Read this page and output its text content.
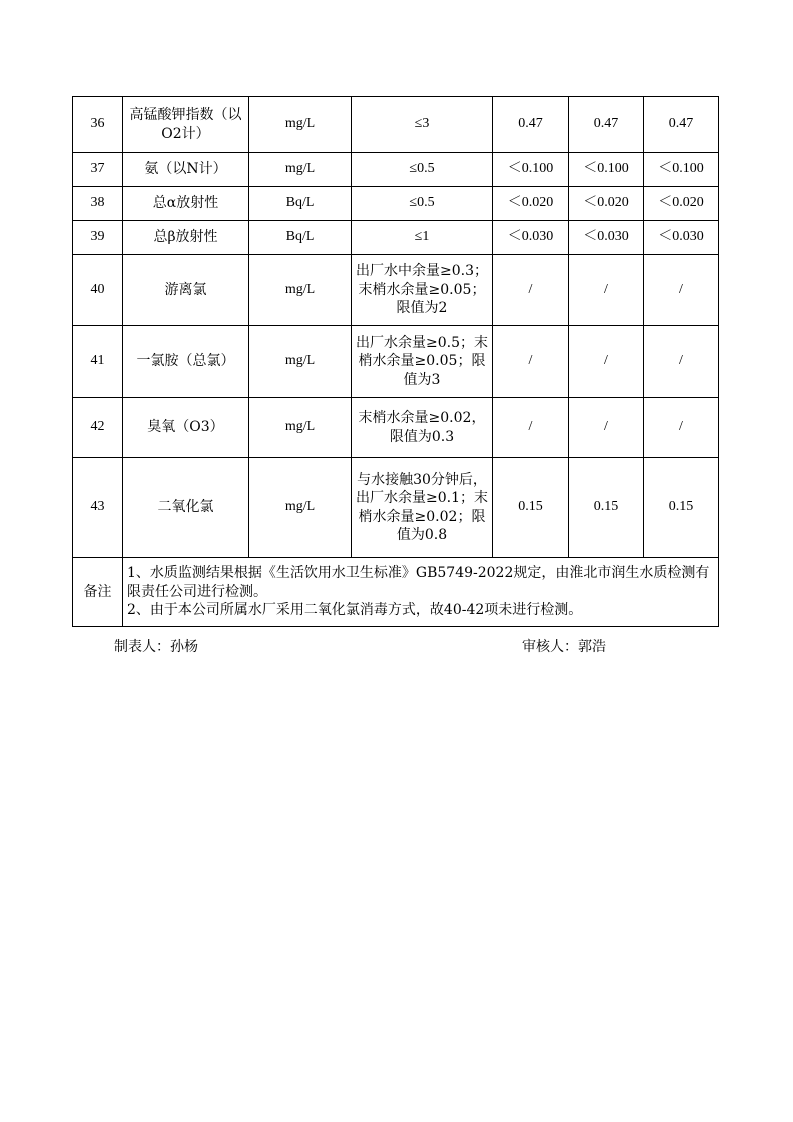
36	高锰酸钾指数（以O2计）	mg/L	≤3	0.47	0.47	0.47
37	氨（以N计）	mg/L	≤0.5	＜0.100	＜0.100	＜0.100
38	总α放射性	Bq/L	≤0.5	＜0.020	＜0.020	＜0.020
39	总β放射性	Bq/L	≤1	＜0.030	＜0.030	＜0.030
40	游离氯	mg/L	出厂水中余量≥0.3；末梢水余量≥0.05；限值为2	/	/	/
41	一氯胺（总氯）	mg/L	出厂水余量≥0.5；末梢水余量≥0.05；限值为3	/	/	/
42	臭氧（O3）	mg/L	末梢水余量≥0.02，限值为0.3	/	/	/
43	二氧化氯	mg/L	与水接触30分钟后，出厂水余量≥0.1；末梢水余量≥0.02；限值为0.8	0.15	0.15	0.15
备注	1、水质监测结果根据《生活饮用水卫生标准》GB5749-2022规定，由淮北市润生水质检测有限责任公司进行检测。
2、由于本公司所属水厂采用二氧化氯消毒方式，故40-42项未进行检测。					
制表人：孙杨	审核人：郭浩
